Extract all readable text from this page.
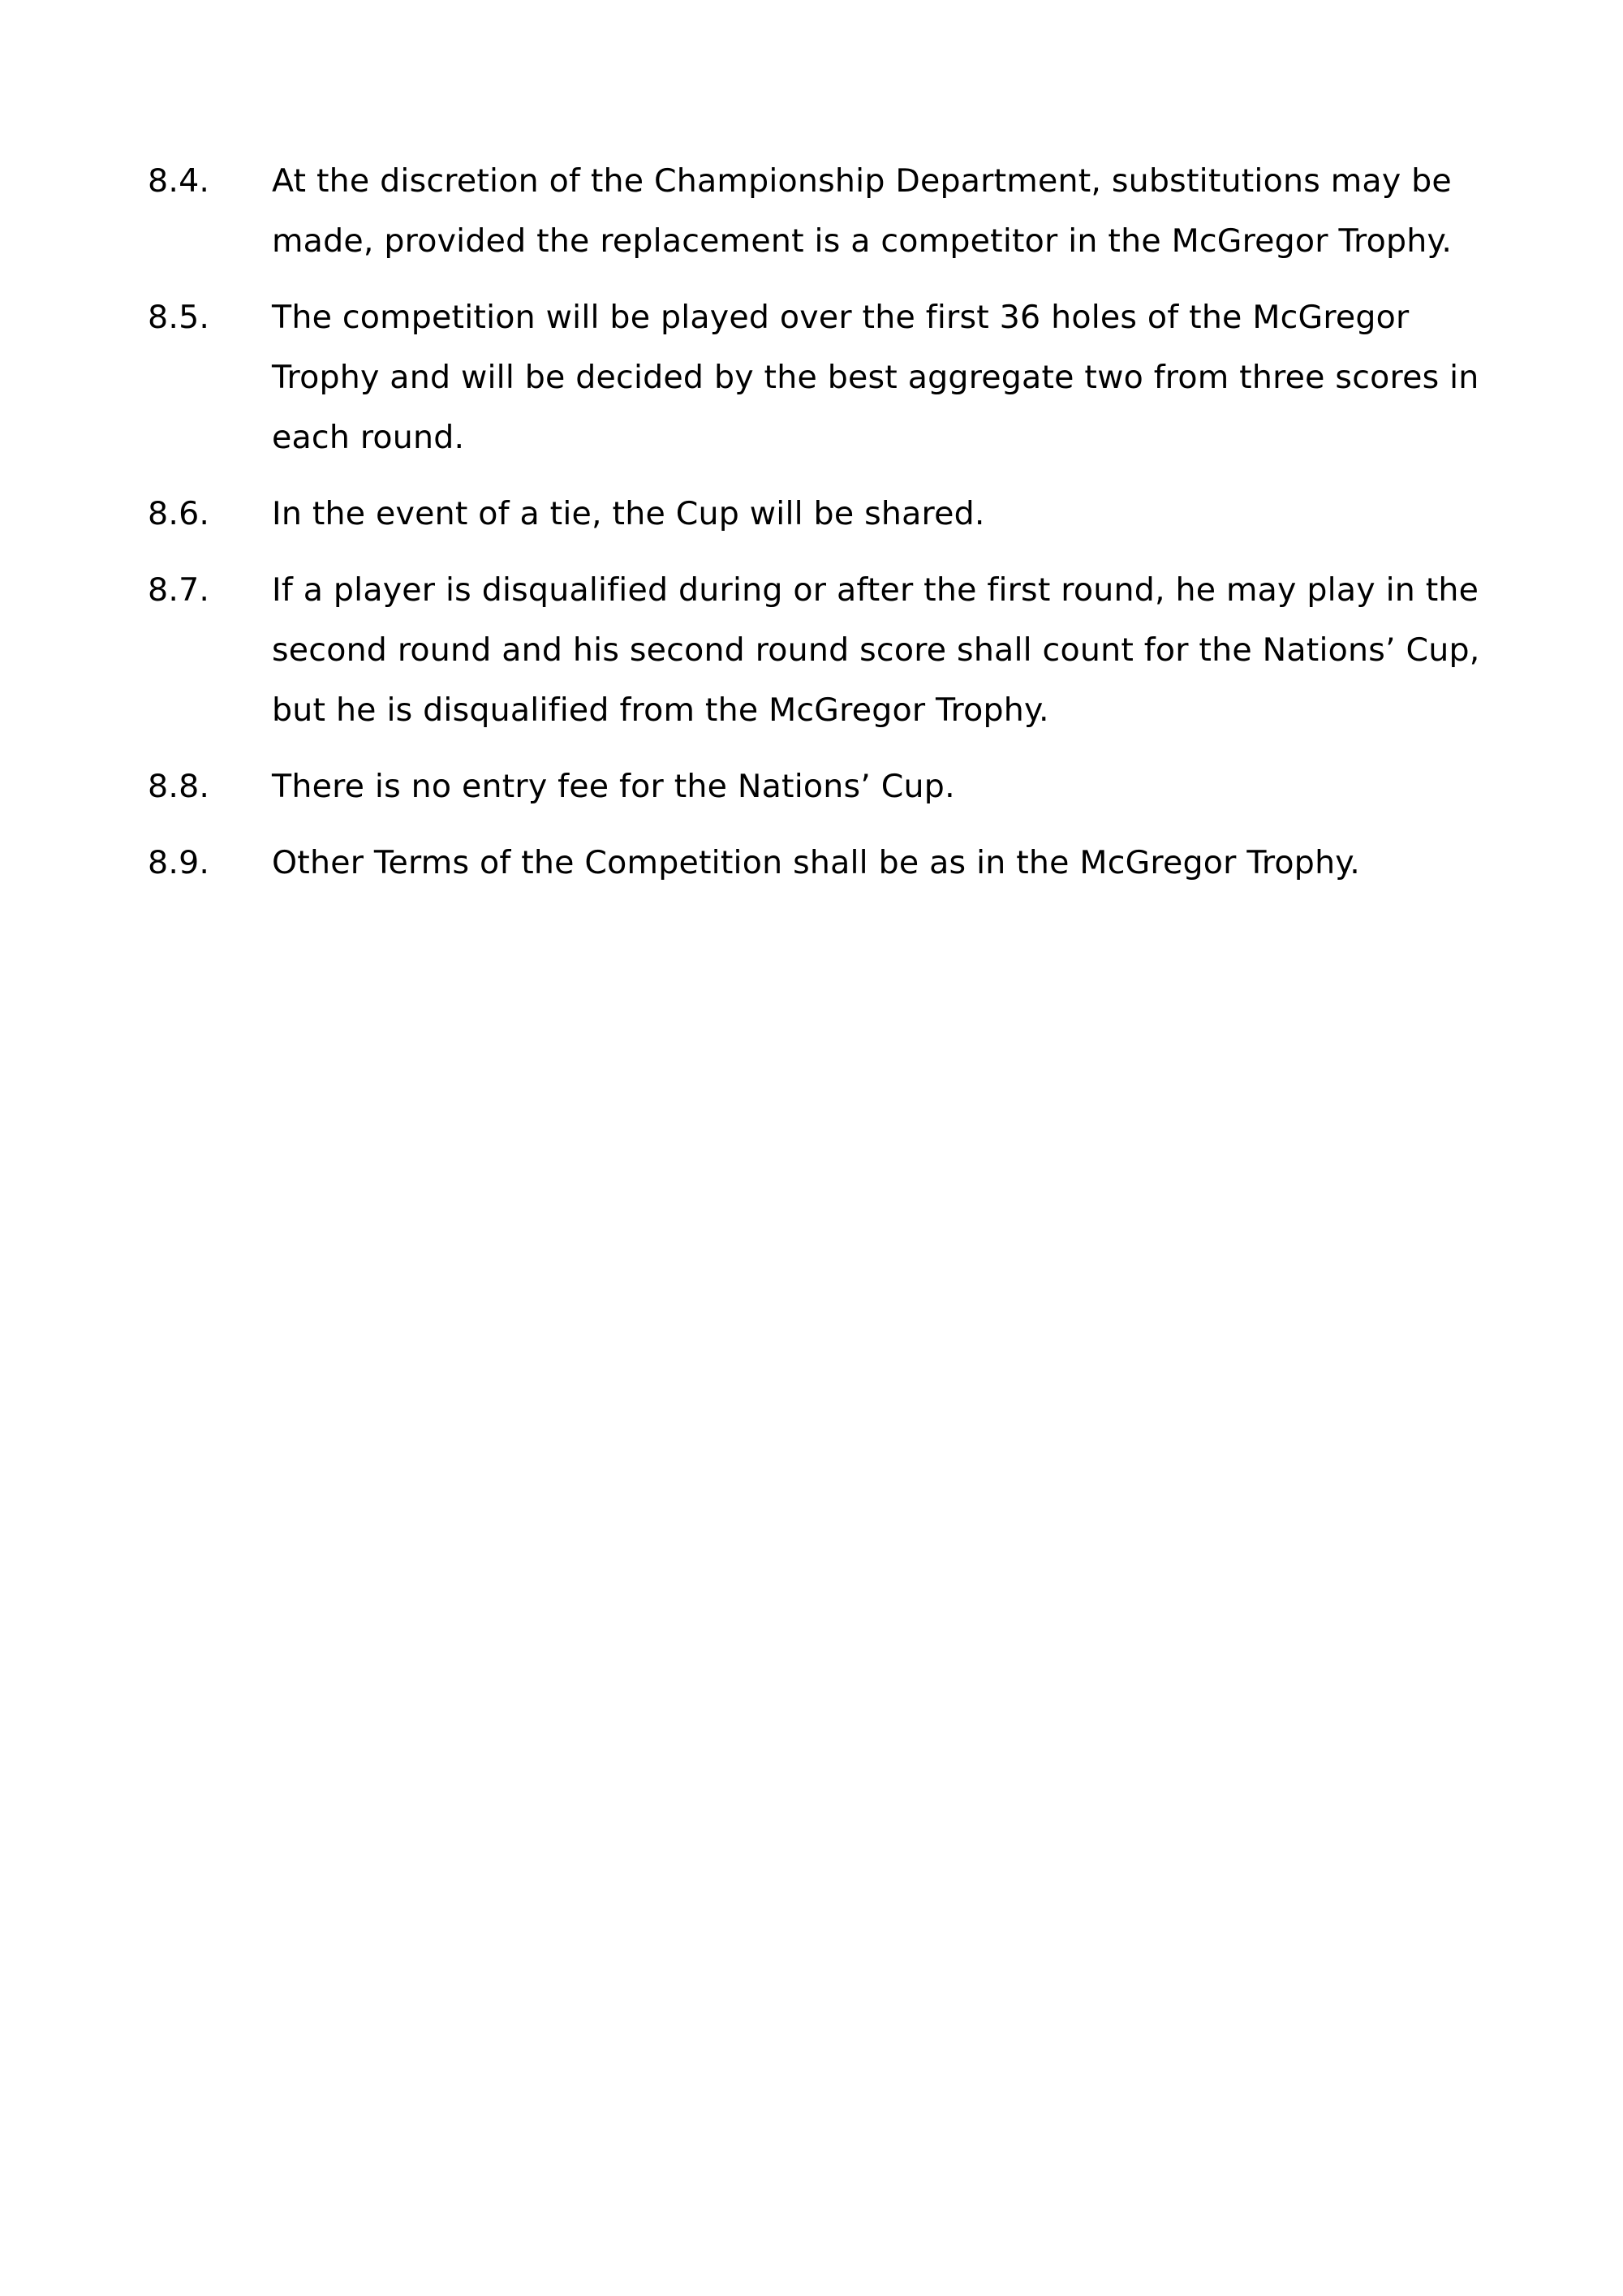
8.4.	At the discretion of the Championship Department, substitutions may be made, provided the replacement is a competitor in the McGregor Trophy.
8.5.	The competition will be played over the first 36 holes of the McGregor Trophy and will be decided by the best aggregate two from three scores in each round.
8.6.	In the event of a tie, the Cup will be shared.
8.7.	If a player is disqualified during or after the first round, he may play in the second round and his second round score shall count for the Nations’ Cup, but he is disqualified from the McGregor Trophy.
8.8.	There is no entry fee for the Nations’ Cup.
8.9.	Other Terms of the Competition shall be as in the McGregor Trophy.
